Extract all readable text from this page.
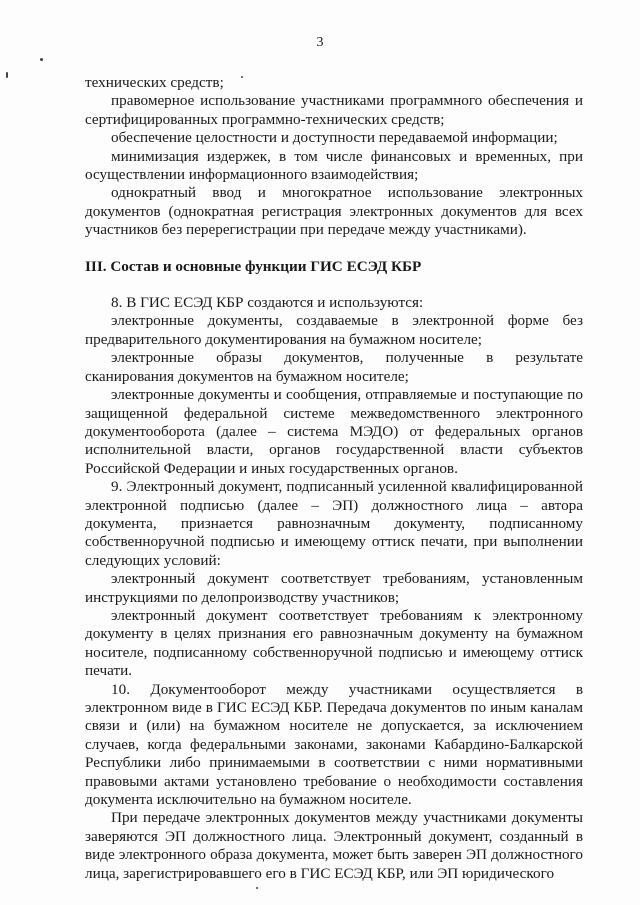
3

технических средств;

правомерное использование участниками программного обеспечения и сертифицированных программно-технических средств;

обеспечение целостности и доступности передаваемой информации;

минимизация издержек, в том числе финансовых и временных, при осуществлении информационного взаимодействия;

однократный ввод и многократное использование электронных документов (однократная регистрация электронных документов для всех участников без перерегистрации при передаче между участниками).

III. Состав и основные функции ГИС ЕСЭД КБР

8. В ГИС ЕСЭД КБР создаются и используются:

электронные документы, создаваемые в электронной форме без предварительного документирования на бумажном носителе;

электронные образы документов, полученные в результате сканирования документов на бумажном носителе;

электронные документы и сообщения, отправляемые и поступающие по защищенной федеральной системе межведомственного электронного документооборота (далее – система МЭДО) от федеральных органов исполнительной власти, органов государственной власти субъектов Российской Федерации и иных государственных органов.

9. Электронный документ, подписанный усиленной квалифицированной электронной подписью (далее – ЭП) должностного лица – автора документа, признается равнозначным документу, подписанному собственноручной подписью и имеющему оттиск печати, при выполнении следующих условий:

электронный документ соответствует требованиям, установленным инструкциями по делопроизводству участников;

электронный документ соответствует требованиям к электронному документу в целях признания его равнозначным документу на бумажном носителе, подписанному собственноручной подписью и имеющему оттиск печати.

10. Документооборот между участниками осуществляется в электронном виде в ГИС ЕСЭД КБР. Передача документов по иным каналам связи и (или) на бумажном носителе не допускается, за исключением случаев, когда федеральными законами, законами Кабардино-Балкарской Республики либо принимаемыми в соответствии с ними нормативными правовыми актами установлено требование о необходимости составления документа исключительно на бумажном носителе.

При передаче электронных документов между участниками документы заверяются ЭП должностного лица. Электронный документ, созданный в виде электронного образа документа, может быть заверен ЭП должностного лица, зарегистрировавшего его в ГИС ЕСЭД КБР, или ЭП юридического
